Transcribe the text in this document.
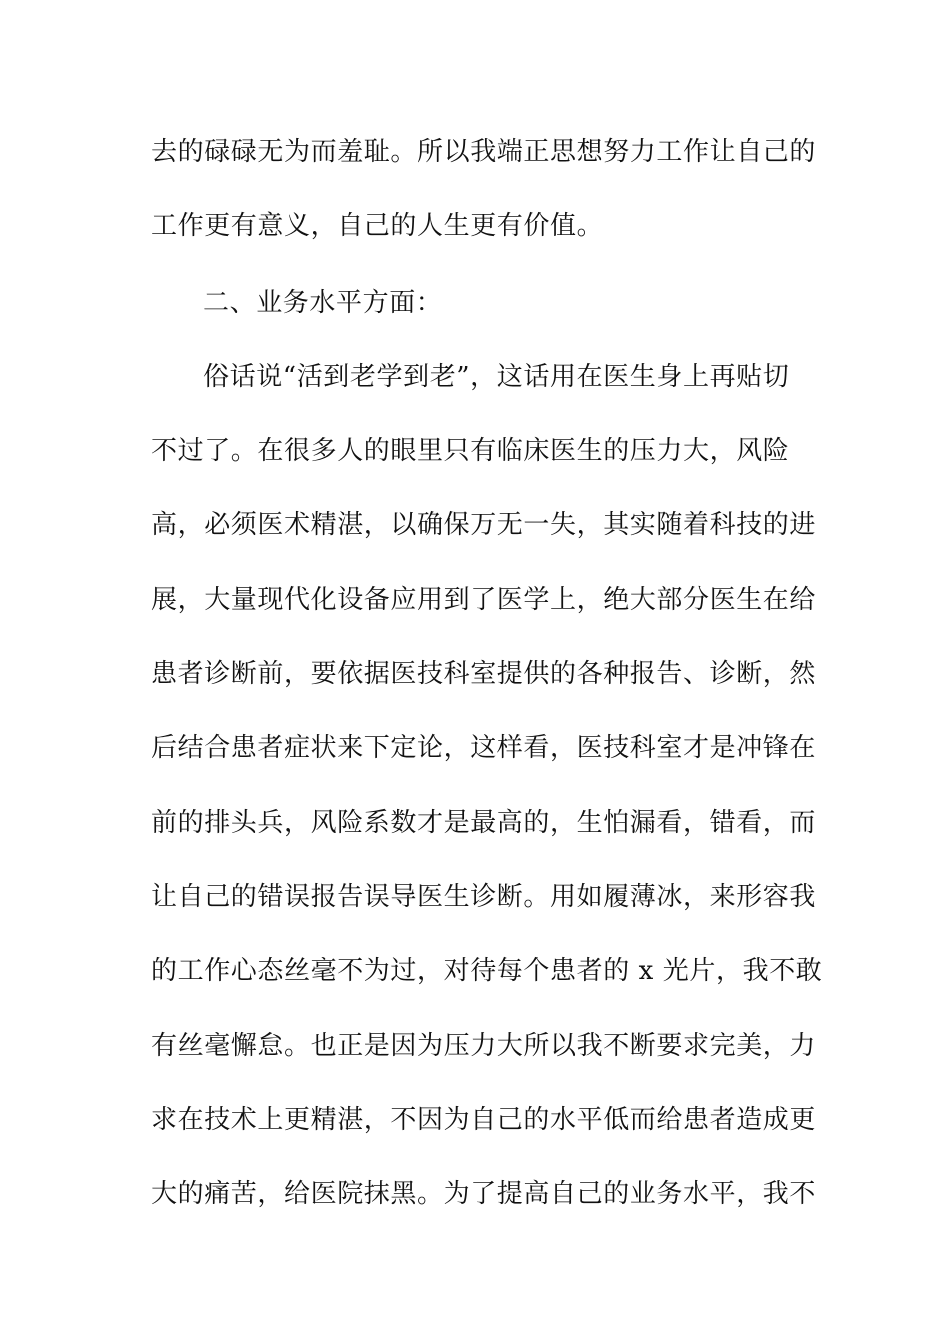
去的碌碌无为而羞耻。所以我端正思想努力工作让自己的
工作更有意义，自己的人生更有价值。
二、业务水平方面：
俗话说“活到老学到老”，这话用在医生身上再贴切
不过了。在很多人的眼里只有临床医生的压力大，风险
高，必须医术精湛，以确保万无一失，其实随着科技的进
展，大量现代化设备应用到了医学上，绝大部分医生在给
患者诊断前，要依据医技科室提供的各种报告、诊断，然
后结合患者症状来下定论，这样看，医技科室才是冲锋在
前的排头兵，风险系数才是最高的，生怕漏看，错看，而
让自己的错误报告误导医生诊断。用如履薄冰，来形容我
的工作心态丝毫不为过，对待每个患者的 x 光片，我不敢
有丝毫懈怠。也正是因为压力大所以我不断要求完美，力
求在技术上更精湛，不因为自己的水平低而给患者造成更
大的痛苦，给医院抹黑。为了提高自己的业务水平，我不
